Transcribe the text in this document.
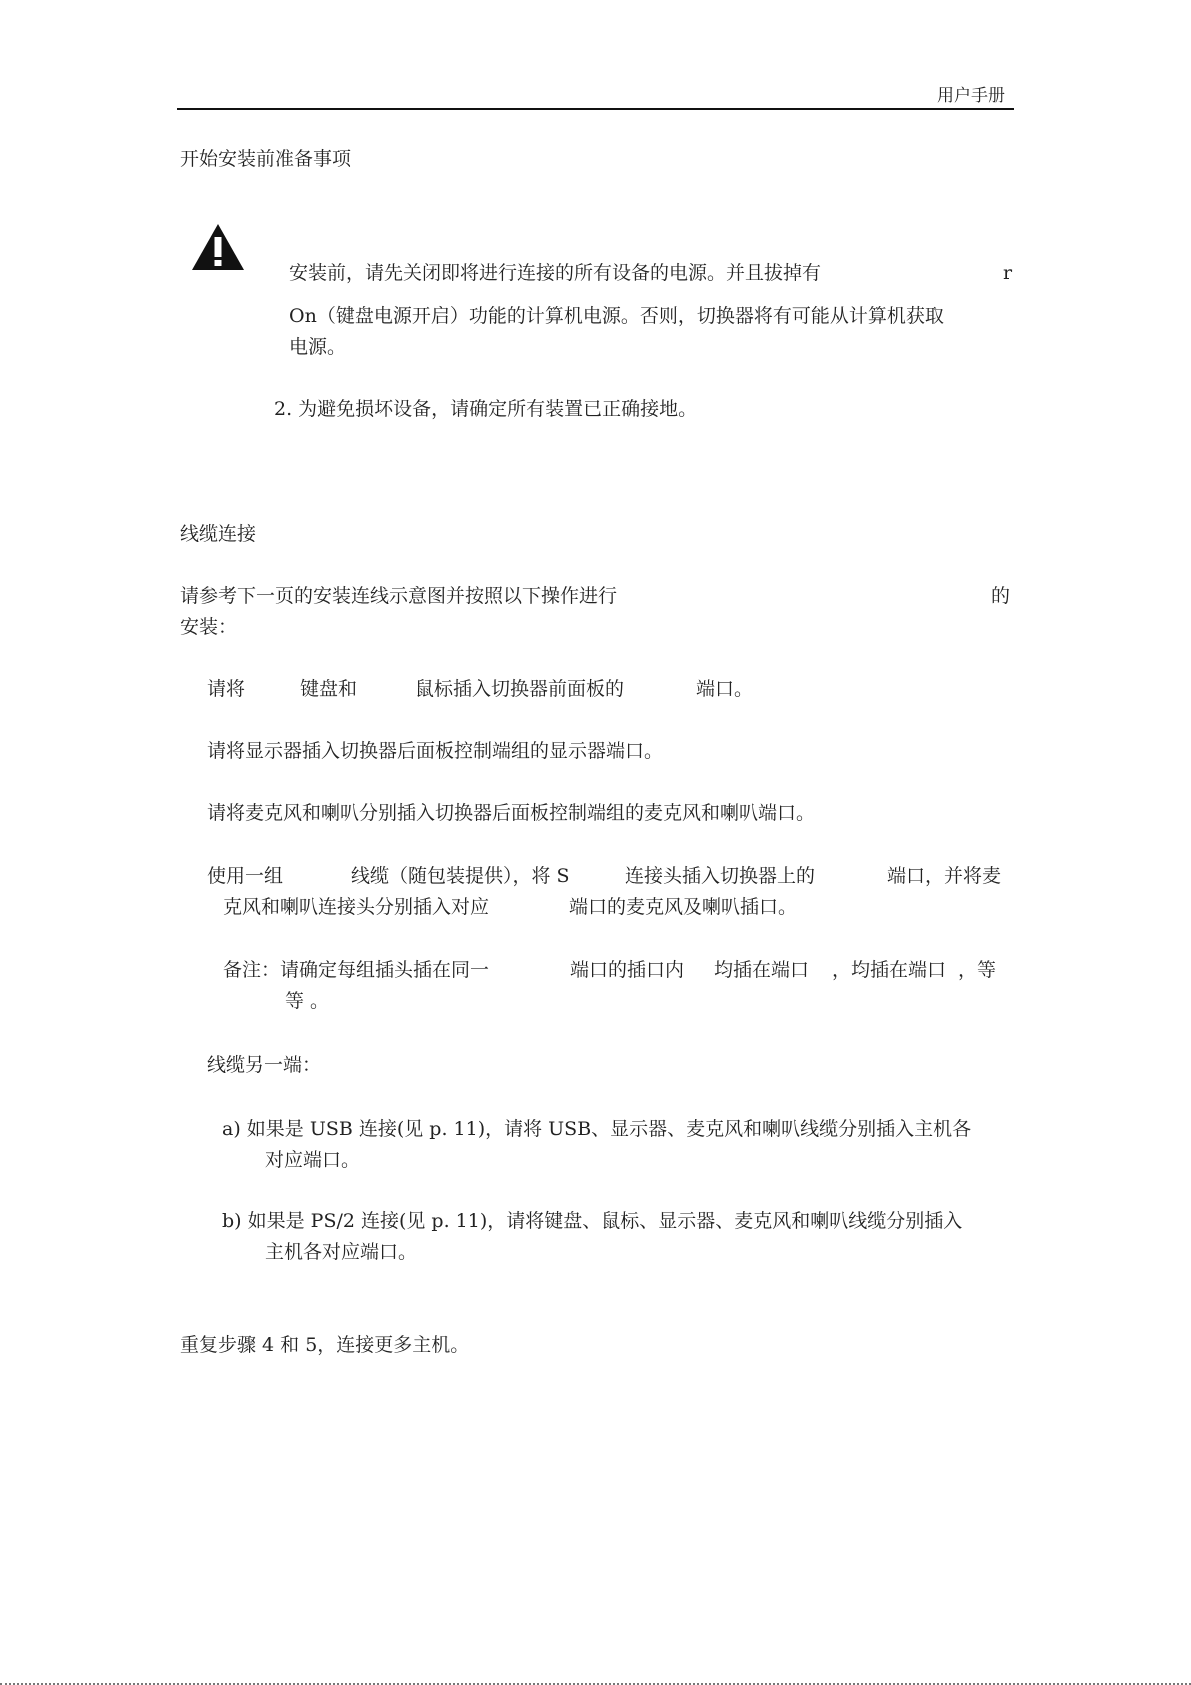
用户手册
开始安装前准备事项
安装前，请先关闭即将进行连接的所有设备的电源。并且拔掉有	r
On（键盘电源开启）功能的计算机电源。否则，切换器将有可能从计算机获取
电源。
2. 为避免损坏设备，请确定所有装置已正确接地。
线缆连接
请参考下一页的安装连线示意图并按照以下操作进行	的
安装：
请将	键盘和	鼠标插入切换器前面板的	端口。
请将显示器插入切换器后面板控制端组的显示器端口。
请将麦克风和喇叭分别插入切换器后面板控制端组的麦克风和喇叭端口。
使用一组	线缆（随包装提供），将 S	连接头插入切换器上的	端口，并将麦
克风和喇叭连接头分别插入对应	端口的麦克风及喇叭插口。
备注：请确定每组插头插在同一	端口的插口内 均插在端口 ，均插在端口 ，等
等 。
线缆另一端：
a) 如果是 USB 连接(见 p. 11)，请将 USB、显示器、麦克风和喇叭线缆分别插入主机各
对应端口。
b) 如果是 PS/2 连接(见 p. 11)，请将键盘、鼠标、显示器、麦克风和喇叭线缆分别插入
主机各对应端口。
重复步骤 4 和 5，连接更多主机。
